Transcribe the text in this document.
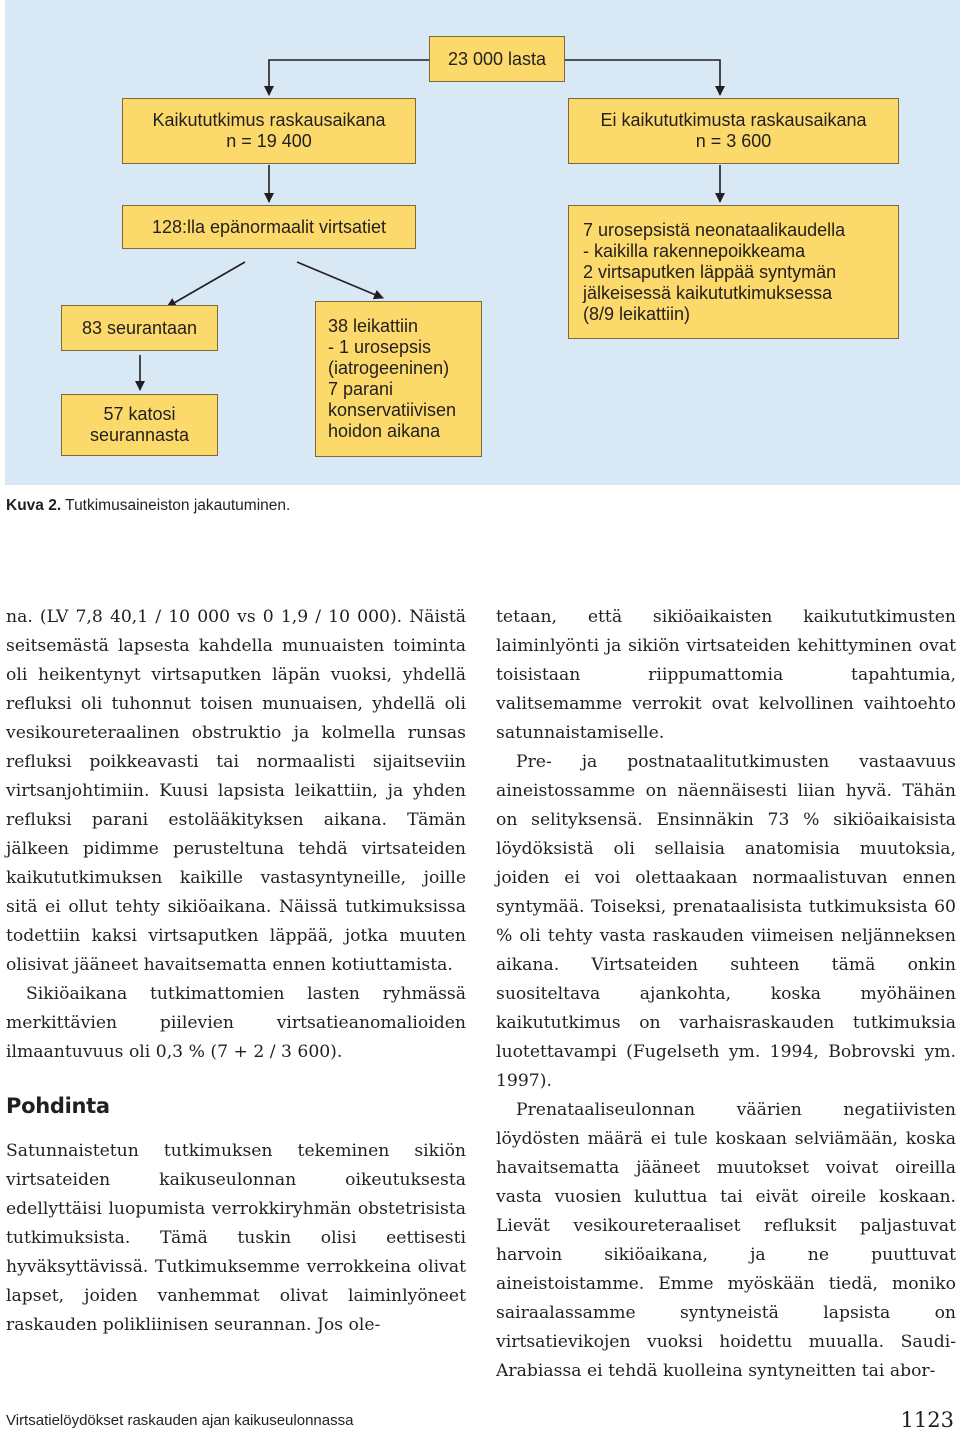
23 000 lasta
Kaikututkimus raskausaikana
n = 19 400
Ei kaikututkimusta raskausaikana
n = 3 600
128:lla epänormaalit virtsatiet	7 urosepsistä neonataalikaudella
- kaikilla rakennepoikkeama
2 virtsaputken läppää syntymän
jälkeisessä kaikututkimuksessa
(8/9 leikattiin)
83 seurantaan
57 katosi
seurannasta
38 leikattiin
- 1 urosepsis
(iatrogeeninen)
7 parani
konservatiivisen
hoidon aikana
Kuva 2. Tutkimusaineiston jakautuminen.

na. (LV 7,8 40,1 / 10 000 vs 0 1,9 / 10 000). Näistä seitsemästä lapsesta kahdella munuaisten toiminta oli heikentynyt virtsaputken läpän vuoksi, yhdellä refluksi oli tuhonnut toisen munuaisen, yhdellä oli vesikoureteraalinen obstruktio ja kolmella runsas refluksi poikkeavasti tai normaalisti sijaitseviin virtsanjohtimiin. Kuusi lapsista leikattiin, ja yhden refluksi parani estolääkityksen aikana. Tämän jälkeen pidimme perusteltuna tehdä virtsateiden kaikututkimuksen kaikille vastasyntyneille, joille sitä ei ollut tehty sikiöaikana. Näissä tutkimuksissa todettiin kaksi virtsaputken läppää, jotka muuten olisivat jääneet havaitsematta ennen kotiuttamista.

Sikiöaikana tutkimattomien lasten ryhmässä merkittävien piilevien virtsatieanomalioiden ilmaantuvuus oli 0,3 % (7 + 2 / 3 600).

Pohdinta

Satunnaistetun tutkimuksen tekeminen sikiön virtsateiden kaikuseulonnan oikeutuksesta edellyttäisi luopumista verrokkiryhmän obstetrisista tutkimuksista. Tämä tuskin olisi eettisesti hyväksyttävissä. Tutkimuksemme verrokkeina olivat lapset, joiden vanhemmat olivat laiminlyöneet raskauden polikliinisen seurannan. Jos ole-

tetaan, että sikiöaikaisten kaikututkimusten laiminlyönti ja sikiön virtsateiden kehittyminen ovat toisistaan riippumattomia tapahtumia, valitsemamme verrokit ovat kelvollinen vaihtoehto satunnaistamiselle.

Pre- ja postnataalitutkimusten vastaavuus aineistossamme on näennäisesti liian hyvä. Tähän on selityksensä. Ensinnäkin 73 % sikiöaikaisista löydöksistä oli sellaisia anatomisia muutoksia, joiden ei voi olettaakaan normaalistuvan ennen syntymää. Toiseksi, prenataalisista tutkimuksista 60 % oli tehty vasta raskauden viimeisen neljänneksen aikana. Virtsateiden suhteen tämä onkin suositeltava ajankohta, koska myöhäinen kaikututkimus on varhaisraskauden tutkimuksia luotettavampi (Fugelseth ym. 1994, Bobrovski ym. 1997).

Prenataaliseulonnan väärien negatiivisten löydösten määrä ei tule koskaan selviämään, koska havaitsematta jääneet muutokset voivat oireilla vasta vuosien kuluttua tai eivät oireile koskaan. Lievät vesikoureteraaliset refluksit paljastuvat harvoin sikiöaikana, ja ne puuttuvat aineistoistamme. Emme myöskään tiedä, moniko sairaalassamme syntyneistä lapsista on virtsatievikojen vuoksi hoidettu muualla. Saudi-Arabiassa ei tehdä kuolleina syntyneitten tai abor-

Virtsatielöydökset raskauden ajan kaikuseulonnassa	1123
